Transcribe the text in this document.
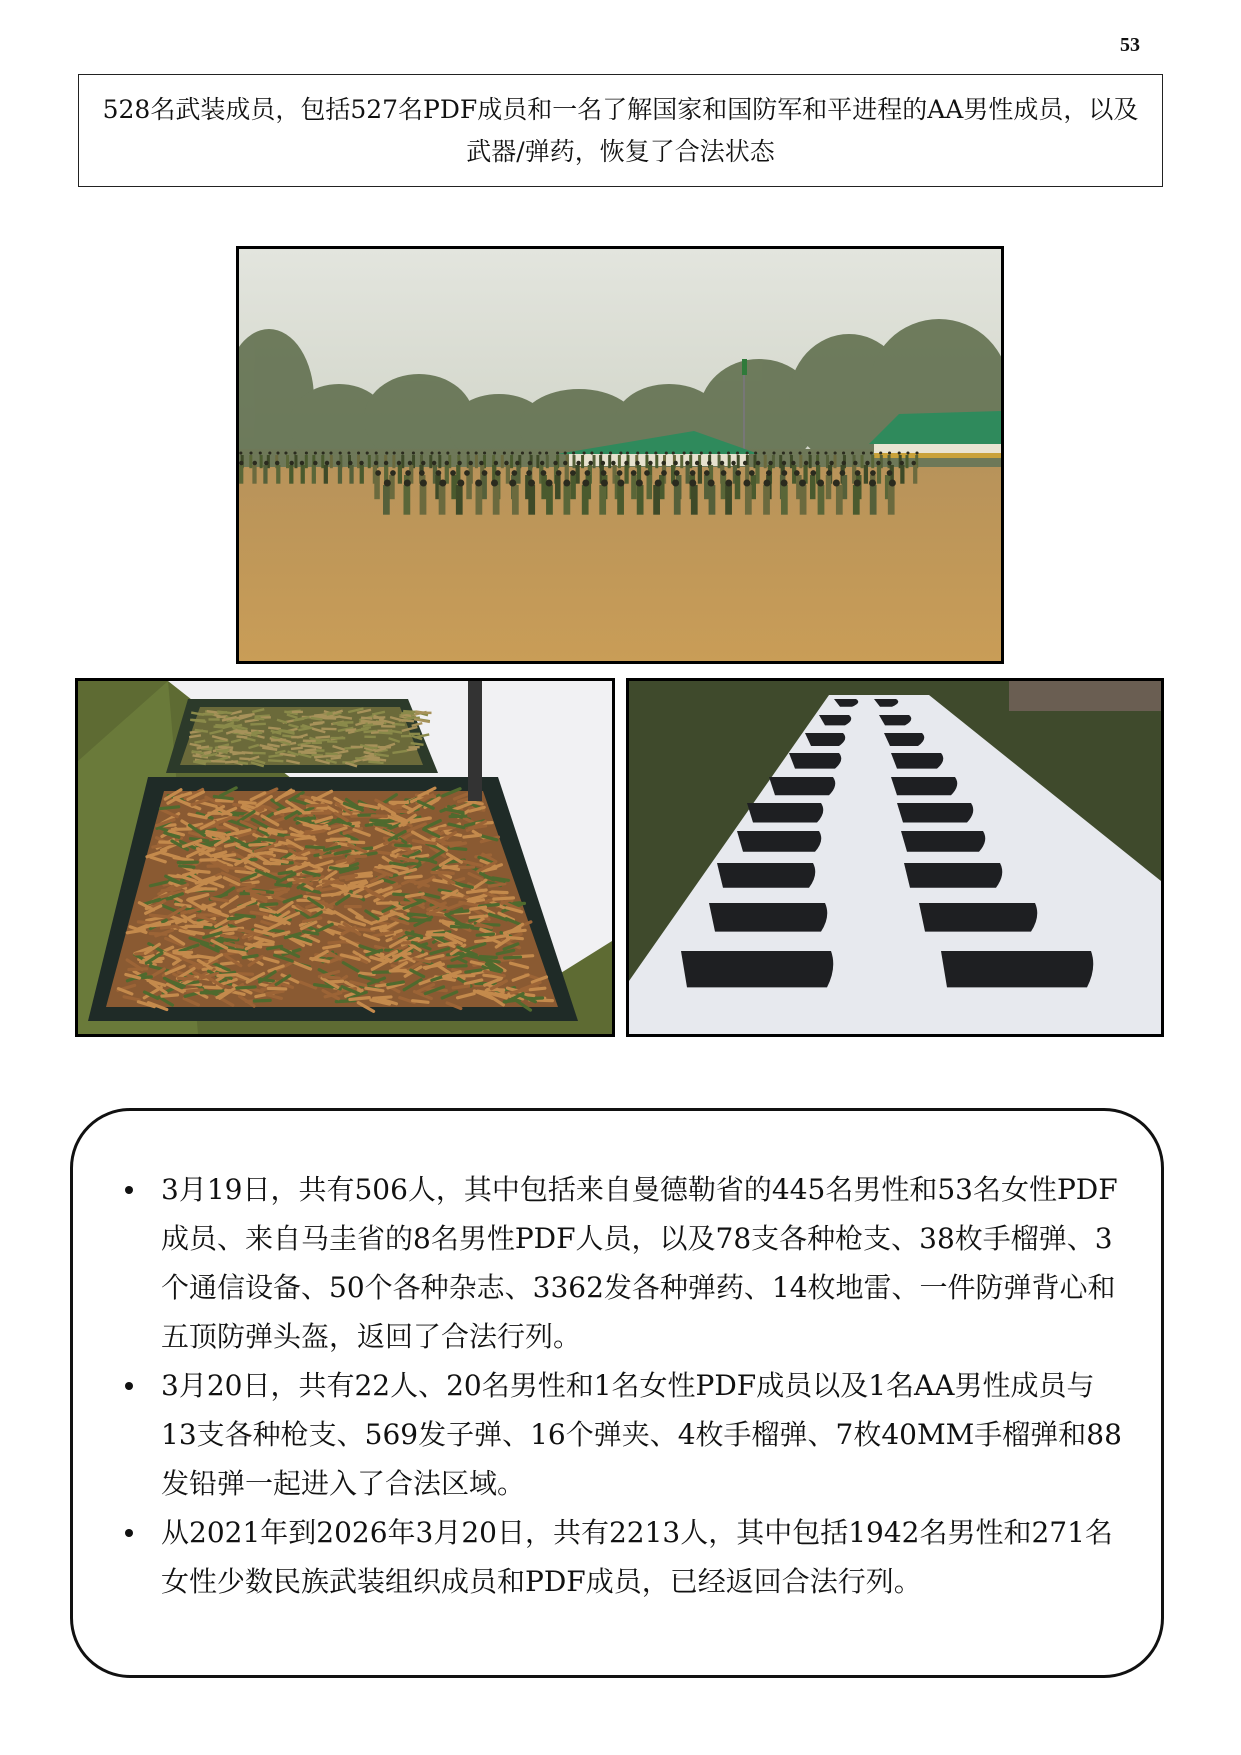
53
528名武装成员，包括527名PDF成员和一名了解国家和国防军和平进程的AA男性成员，以及武器/弹药，恢复了合法状态
3月19日，共有506人，其中包括来自曼德勒省的445名男性和53名女性PDF成员、来自马圭省的8名男性PDF人员，以及78支各种枪支、38枚手榴弹、3个通信设备、50个各种杂志、3362发各种弹药、14枚地雷、一件防弹背心和五顶防弹头盔，返回了合法行列。
3月20日，共有22人、20名男性和1名女性PDF成员以及1名AA男性成员与13支各种枪支、569发子弹、16个弹夹、4枚手榴弹、7枚40MM手榴弹和88发铅弹一起进入了合法区域。
从2021年到2026年3月20日，共有2213人，其中包括1942名男性和271名女性少数民族武装组织成员和PDF成员，已经返回合法行列。
